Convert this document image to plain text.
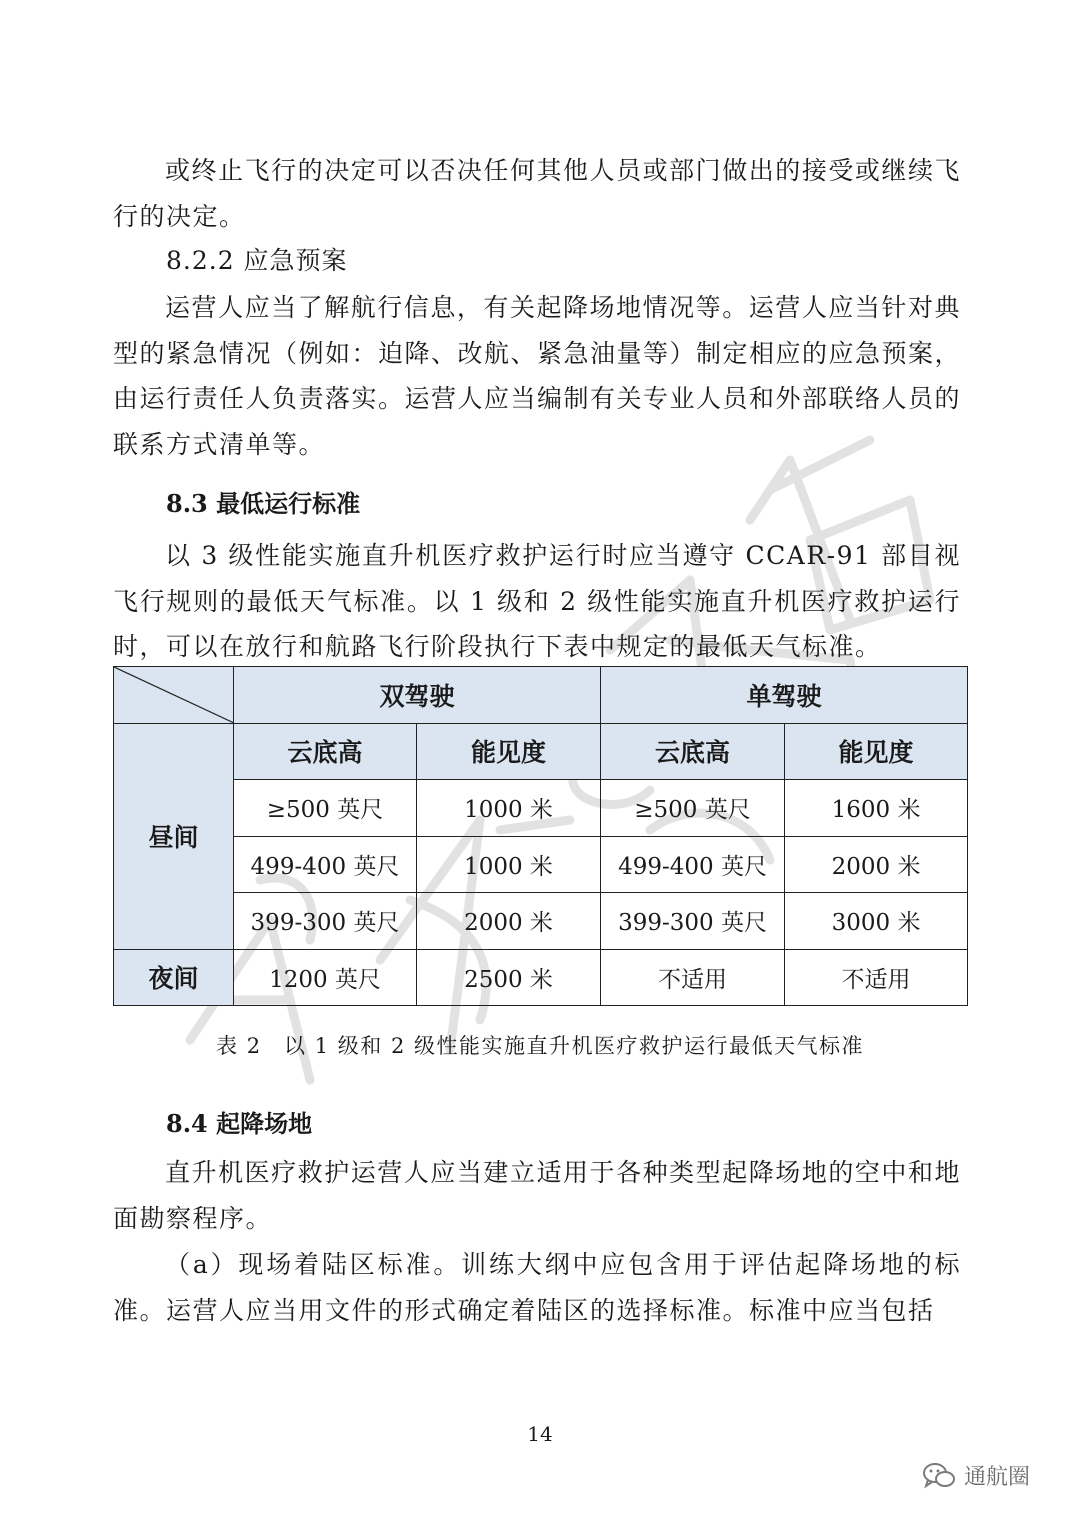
或终止飞行的决定可以否决任何其他人员或部门做出的接受或继续飞行的决定。

8.2.2 应急预案

运营人应当了解航行信息，有关起降场地情况等。运营人应当针对典型的紧急情况（例如：迫降、改航、紧急油量等）制定相应的应急预案，由运行责任人负责落实。运营人应当编制有关专业人员和外部联络人员的联系方式清单等。

8.3 最低运行标准

以 3 级性能实施直升机医疗救护运行时应当遵守 CCAR-91 部目视飞行规则的最低天气标准。以 1 级和 2 级性能实施直升机医疗救护运行时，可以在放行和航路飞行阶段执行下表中规定的最低天气标准。

	双驾驶		单驾驶	
昼间	云底高	能见度	云底高	能见度
	≥500 英尺	1000 米	≥500 英尺	1600 米
	499-400 英尺	1000 米	499-400 英尺	2000 米
	399-300 英尺	2000 米	399-300 英尺	3000 米
夜间	1200 英尺	2500 米	不适用	不适用

表 2　以 1 级和 2 级性能实施直升机医疗救护运行最低天气标准

8.4 起降场地

直升机医疗救护运营人应当建立适用于各种类型起降场地的空中和地面勘察程序。

（a）现场着陆区标准。训练大纲中应包含用于评估起降场地的标准。运营人应当用文件的形式确定着陆区的选择标准。标准中应当包括

14

通航圈
